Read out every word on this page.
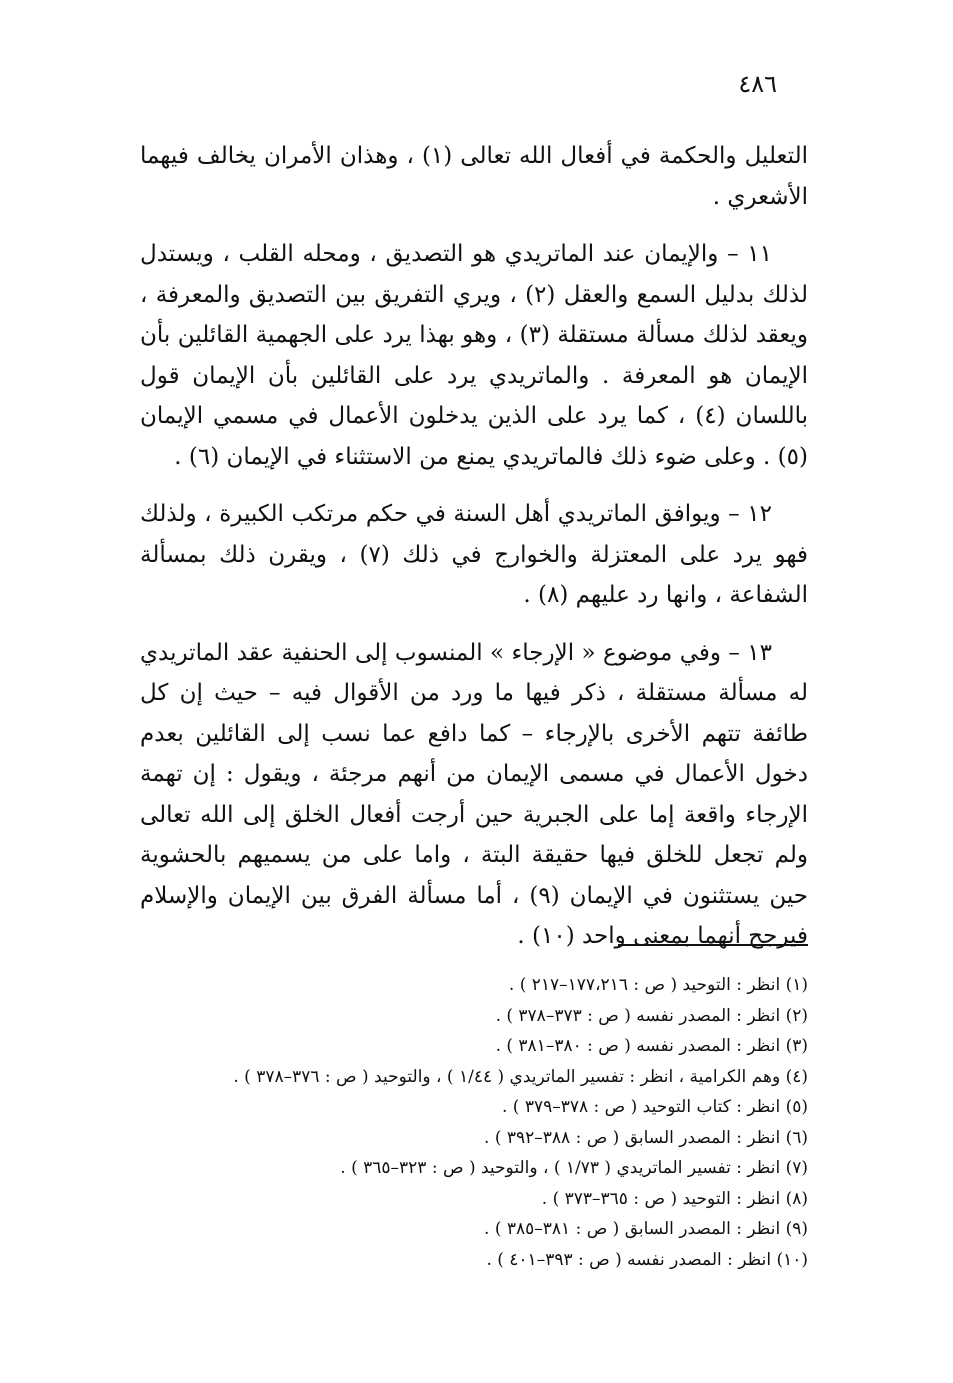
٤٨٦

التعليل والحكمة في أفعال الله تعالى (١) ، وهذان الأمران يخالف فيهما الأشعري .

١١ – والإيمان عند الماتريدي هو التصديق ، ومحله القلب ، ويستدل لذلك بدليل السمع والعقل (٢) ، ويري التفريق بين التصديق والمعرفة ، ويعقد لذلك مسألة مستقلة (٣) ، وهو بهذا يرد على الجهمية القائلين بأن الإيمان هو المعرفة . والماتريدي يرد على القائلين بأن الإيمان قول باللسان (٤) ، كما يرد على الذين يدخلون الأعمال في مسمي الإيمان (٥) . وعلى ضوء ذلك فالماتريدي يمنع من الاستثناء في الإيمان (٦) .

١٢ – ويوافق الماتريدي أهل السنة في حكم مرتكب الكبيرة ، ولذلك فهو يرد على المعتزلة والخوارج في ذلك (٧) ، ويقرن ذلك بمسألة الشفاعة ، وانها رد عليهم (٨) .

١٣ – وفي موضوع « الإرجاء » المنسوب إلى الحنفية عقد الماتريدي له مسألة مستقلة ، ذكر فيها ما ورد من الأقوال فيه – حيث إن كل طائفة تتهم الأخرى بالإرجاء – كما دافع عما نسب إلى القائلين بعدم دخول الأعمال في مسمى الإيمان من أنهم مرجئة ، ويقول : إن تهمة الإرجاء واقعة إما على الجبرية حين أرجت أفعال الخلق إلى الله تعالى ولم تجعل للخلق فيها حقيقة البتة ، واما على من يسميهم بالحشوية حين يستثنون في الإيمان (٩) ، أما مسألة الفرق بين الإيمان والإسلام فيرجح أنهما بمعنى واحد (١٠) .

(١) انظر : التوحيد ( ص : ١٧٧،٢١٦–٢١٧ ) .
(٢) انظر : المصدر نفسه ( ص : ٣٧٣–٣٧٨ ) .
(٣) انظر : المصدر نفسه ( ص : ٣٨٠–٣٨١ ) .
(٤) وهم الكرامية ، انظر : تفسير الماتريدي ( ١/٤٤ ) ، والتوحيد ( ص : ٣٧٦–٣٧٨ ) .
(٥) انظر : كتاب التوحيد ( ص : ٣٧٨–٣٧٩ ) .
(٦) انظر : المصدر السابق ( ص : ٣٨٨–٣٩٢ ) .
(٧) انظر : تفسير الماتريدي ( ١/٧٣ ) ، والتوحيد ( ص : ٣٢٣–٣٦٥ ) .
(٨) انظر : التوحيد ( ص : ٣٦٥–٣٧٣ ) .
(٩) انظر : المصدر السابق ( ص : ٣٨١–٣٨٥ ) .
(١٠) انظر : المصدر نفسه ( ص : ٣٩٣–٤٠١ ) .
